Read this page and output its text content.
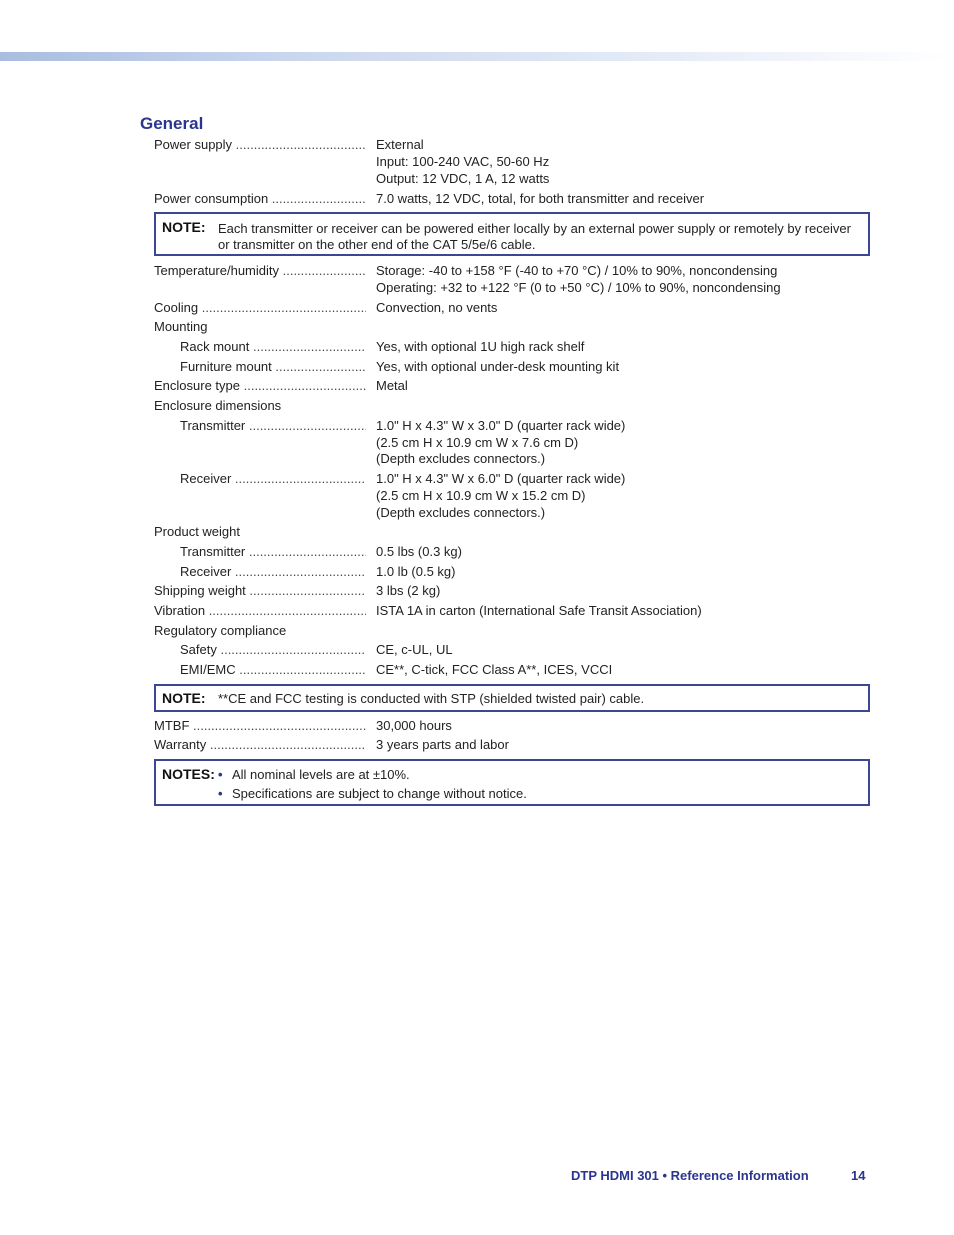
General
Power supply .....	External
Input: 100-240 VAC, 50-60 Hz
Output: 12 VDC, 1 A, 12 watts
Power consumption .....	7.0 watts, 12 VDC, total, for both transmitter and receiver
NOTE: Each transmitter or receiver can be powered either locally by an external power supply or remotely by receiver or transmitter on the other end of the CAT 5/5e/6 cable.
Temperature/humidity .....	Storage: -40 to +158 °F (-40 to +70 °C) / 10% to 90%, noncondensing
Operating: +32 to +122 °F (0 to +50 °C) / 10% to 90%, noncondensing
Cooling .....	Convection, no vents
Mounting
Rack mount .....	Yes, with optional 1U high rack shelf
Furniture mount .....	Yes, with optional under-desk mounting kit
Enclosure type .....	Metal
Enclosure dimensions
Transmitter .....	1.0" H x 4.3" W x 3.0" D (quarter rack wide)
(2.5 cm H x 10.9 cm W x 7.6 cm D)
(Depth excludes connectors.)
Receiver .....	1.0" H x 4.3" W x 6.0" D (quarter rack wide)
(2.5 cm H x 10.9 cm W x 15.2 cm D)
(Depth excludes connectors.)
Product weight
Transmitter .....	0.5 lbs (0.3 kg)
Receiver .....	1.0 lb (0.5 kg)
Shipping weight .....	3 lbs (2 kg)
Vibration .....	ISTA 1A in carton (International Safe Transit Association)
Regulatory compliance
Safety .....	CE, c-UL, UL
EMI/EMC .....	CE**, C-tick, FCC Class A**, ICES, VCCI
NOTE: **CE and FCC testing is conducted with STP (shielded twisted pair) cable.
MTBF .....	30,000 hours
Warranty .....	3 years parts and labor
NOTES: • All nominal levels are at ±10%.
• Specifications are subject to change without notice.
DTP HDMI 301 • Reference Information	14
